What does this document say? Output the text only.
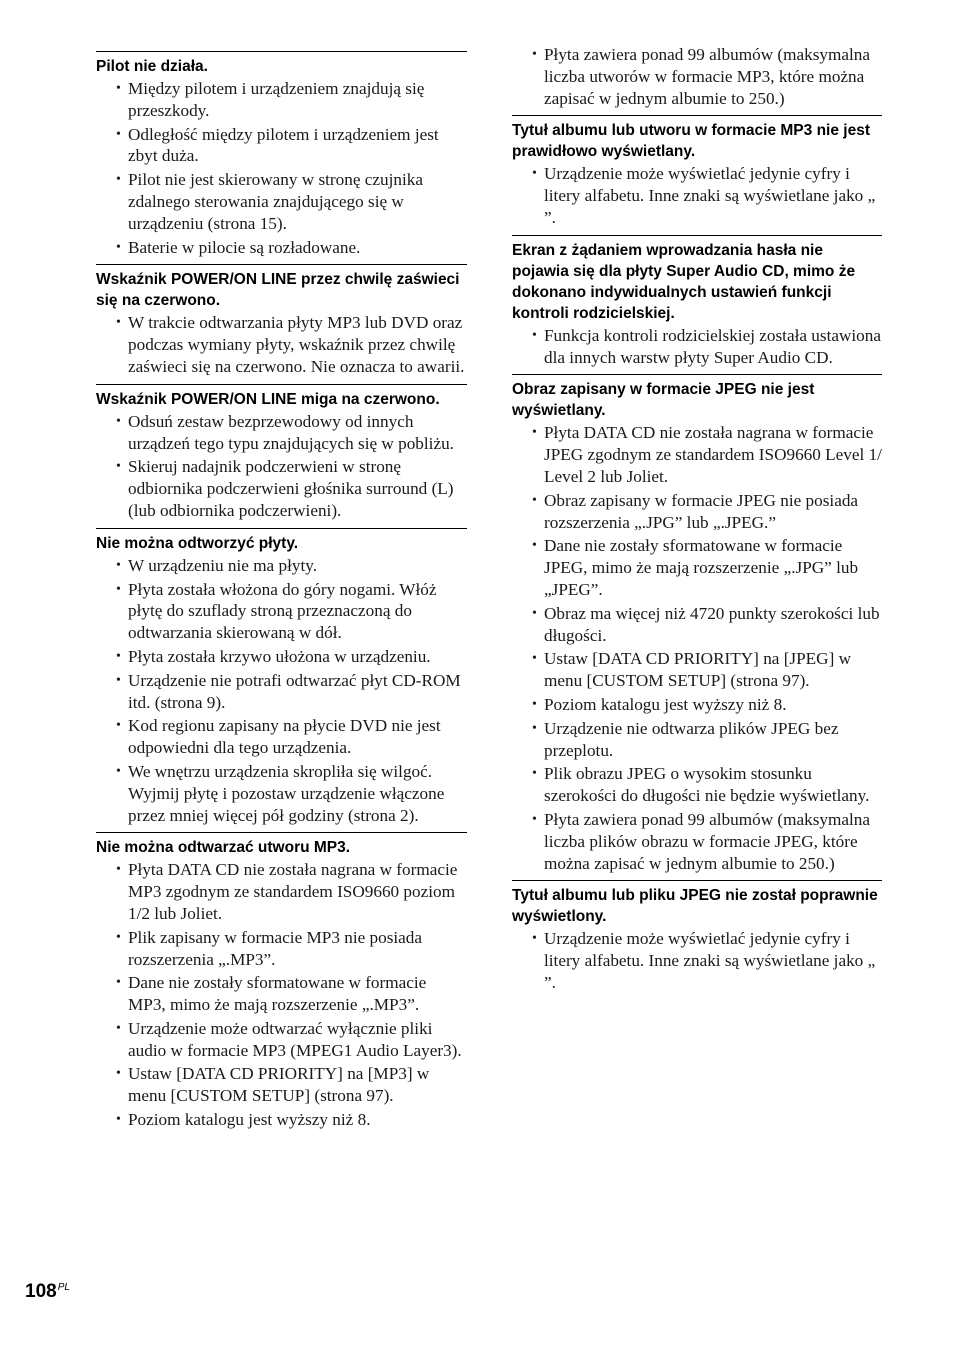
Pilot nie działa.
• Między pilotem i urządzeniem znajdują się przeszkody.
• Odległość między pilotem i urządzeniem jest zbyt duża.
• Pilot nie jest skierowany w stronę czujnika zdalnego sterowania znajdującego się w urządzeniu (strona 15).
• Baterie w pilocie są rozładowane.
Wskaźnik POWER/ON LINE przez chwilę zaświeci się na czerwono.
• W trakcie odtwarzania płyty MP3 lub DVD oraz podczas wymiany płyty, wskaźnik przez chwilę zaświeci się na czerwono. Nie oznacza to awarii.
Wskaźnik POWER/ON LINE miga na czerwono.
• Odsuń zestaw bezprzewodowy od innych urządzeń tego typu znajdujących się w pobliżu.
• Skieruj nadajnik podczerwieni w stronę odbiornika podczerwieni głośnika surround (L) (lub odbiornika podczerwieni).
Nie można odtworzyć płyty.
• W urządzeniu nie ma płyty.
• Płyta została włożona do góry nogami. Włóż płytę do szuflady stroną przeznaczoną do odtwarzania skierowaną w dół.
• Płyta została krzywo ułożona w urządzeniu.
• Urządzenie nie potrafi odtwarzać płyt CD-ROM itd. (strona 9).
• Kod regionu zapisany na płycie DVD nie jest odpowiedni dla tego urządzenia.
• We wnętrzu urządzenia skropliła się wilgoć. Wyjmij płytę i pozostaw urządzenie włączone przez mniej więcej pół godziny (strona 2).
Nie można odtwarzać utworu MP3.
• Płyta DATA CD nie została nagrana w formacie MP3 zgodnym ze standardem ISO9660 poziom 1/2 lub Joliet.
• Plik zapisany w formacie MP3 nie posiada rozszerzenia „.MP3”.
• Dane nie zostały sformatowane w formacie MP3, mimo że mają rozszerzenie „.MP3”.
• Urządzenie może odtwarzać wyłącznie pliki audio w formacie MP3 (MPEG1 Audio Layer3).
• Ustaw [DATA CD PRIORITY] na [MP3] w menu [CUSTOM SETUP] (strona 97).
• Poziom katalogu jest wyższy niż 8.
• Płyta zawiera ponad 99 albumów (maksymalna liczba utworów w formacie MP3, które można zapisać w jednym albumie to 250.)
Tytuł albumu lub utworu w formacie MP3 nie jest prawidłowo wyświetlany.
• Urządzenie może wyświetlać jedynie cyfry i litery alfabetu. Inne znaki są wyświetlane jako „ ”.
Ekran z żądaniem wprowadzania hasła nie pojawia się dla płyty Super Audio CD, mimo że dokonano indywidualnych ustawień funkcji kontroli rodzicielskiej.
• Funkcja kontroli rodzicielskiej została ustawiona dla innych warstw płyty Super Audio CD.
Obraz zapisany w formacie JPEG nie jest wyświetlany.
• Płyta DATA CD nie została nagrana w formacie JPEG zgodnym ze standardem ISO9660 Level 1/ Level 2 lub Joliet.
• Obraz zapisany w formacie JPEG nie posiada rozszerzenia „.JPG” lub „.JPEG.”
• Dane nie zostały sformatowane w formacie JPEG, mimo że mają rozszerzenie „.JPG” lub „JPEG”.
• Obraz ma więcej niż 4720 punkty szerokości lub długości.
• Ustaw [DATA CD PRIORITY] na [JPEG] w menu [CUSTOM SETUP] (strona 97).
• Poziom katalogu jest wyższy niż 8.
• Urządzenie nie odtwarza plików JPEG bez przeplotu.
• Plik obrazu JPEG o wysokim stosunku szerokości do długości nie będzie wyświetlany.
• Płyta zawiera ponad 99 albumów (maksymalna liczba plików obrazu w formacie JPEG, które można zapisać w jednym albumie to 250.)
Tytuł albumu lub pliku JPEG nie został poprawnie wyświetlony.
• Urządzenie może wyświetlać jedynie cyfry i litery alfabetu. Inne znaki są wyświetlane jako „ ”.
$108^{PL}$
